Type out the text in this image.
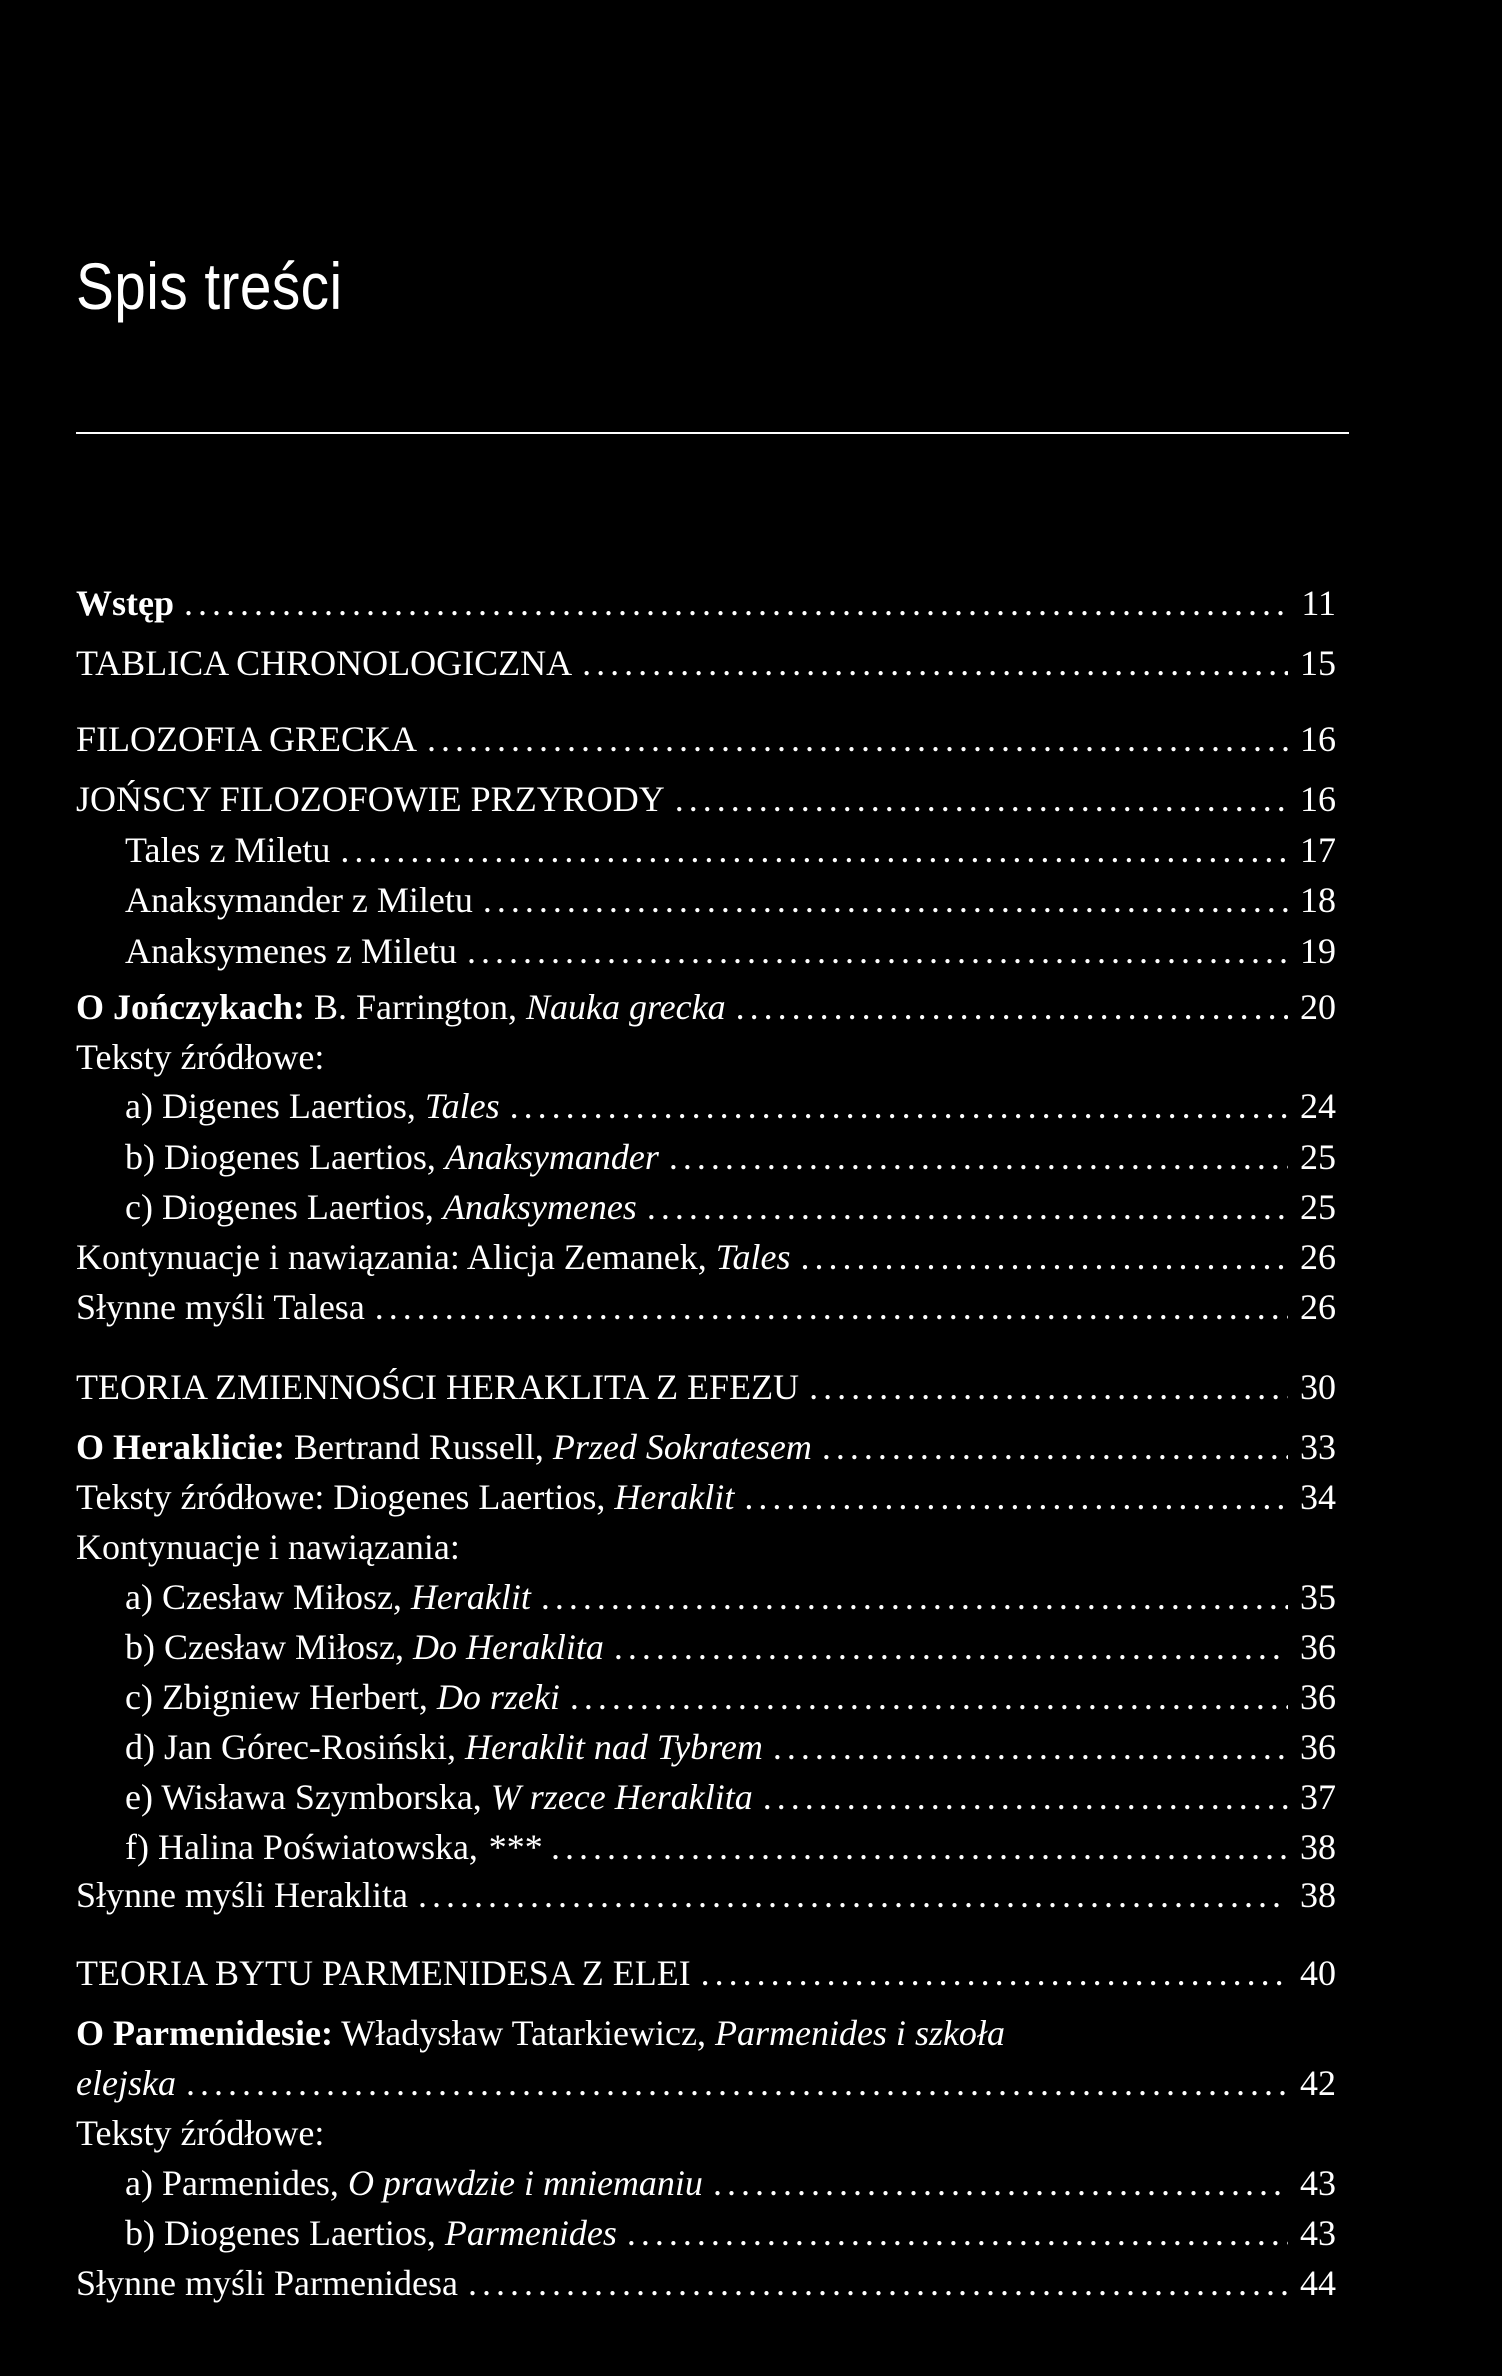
Spis treści
Wstęp .....	11
TABLICA CHRONOLOGICZNA .....	15
FILOZOFIA GRECKA .....	16
JOŃSCY FILOZOFOWIE PRZYRODY .....	16
Tales z Miletu .....	17
Anaksymander z Miletu .....	18
Anaksymenes z Miletu .....	19
O Jończykach: B. Farrington, Nauka grecka .....	20
Teksty źródłowe:
a) Digenes Laertios, Tales .....	24
b) Diogenes Laertios, Anaksymander .....	25
c) Diogenes Laertios, Anaksymenes .....	25
Kontynuacje i nawiązania: Alicja Zemanek, Tales .....	26
Słynne myśli Talesa .....	26
TEORIA ZMIENNOŚCI HERAKLITA Z EFEZU .....	30
O Heraklicie: Bertrand Russell, Przed Sokratesem .....	33
Teksty źródłowe: Diogenes Laertios, Heraklit .....	34
Kontynuacje i nawiązania:
a) Czesław Miłosz, Heraklit .....	35
b) Czesław Miłosz, Do Heraklita .....	36
c) Zbigniew Herbert, Do rzeki .....	36
d) Jan Górec-Rosiński, Heraklit nad Tybrem .....	36
e) Wisława Szymborska, W rzece Heraklita .....	37
f) Halina Poświatowska, *** .....	38
Słynne myśli Heraklita .....	38
TEORIA BYTU PARMENIDESA Z ELEI .....	40
O Parmenidesie: Władysław Tatarkiewicz, Parmenides i szkoła
elejska .....	42
Teksty źródłowe:
a) Parmenides, O prawdzie i mniemaniu .....	43
b) Diogenes Laertios, Parmenides .....	43
Słynne myśli Parmenidesa .....	44
